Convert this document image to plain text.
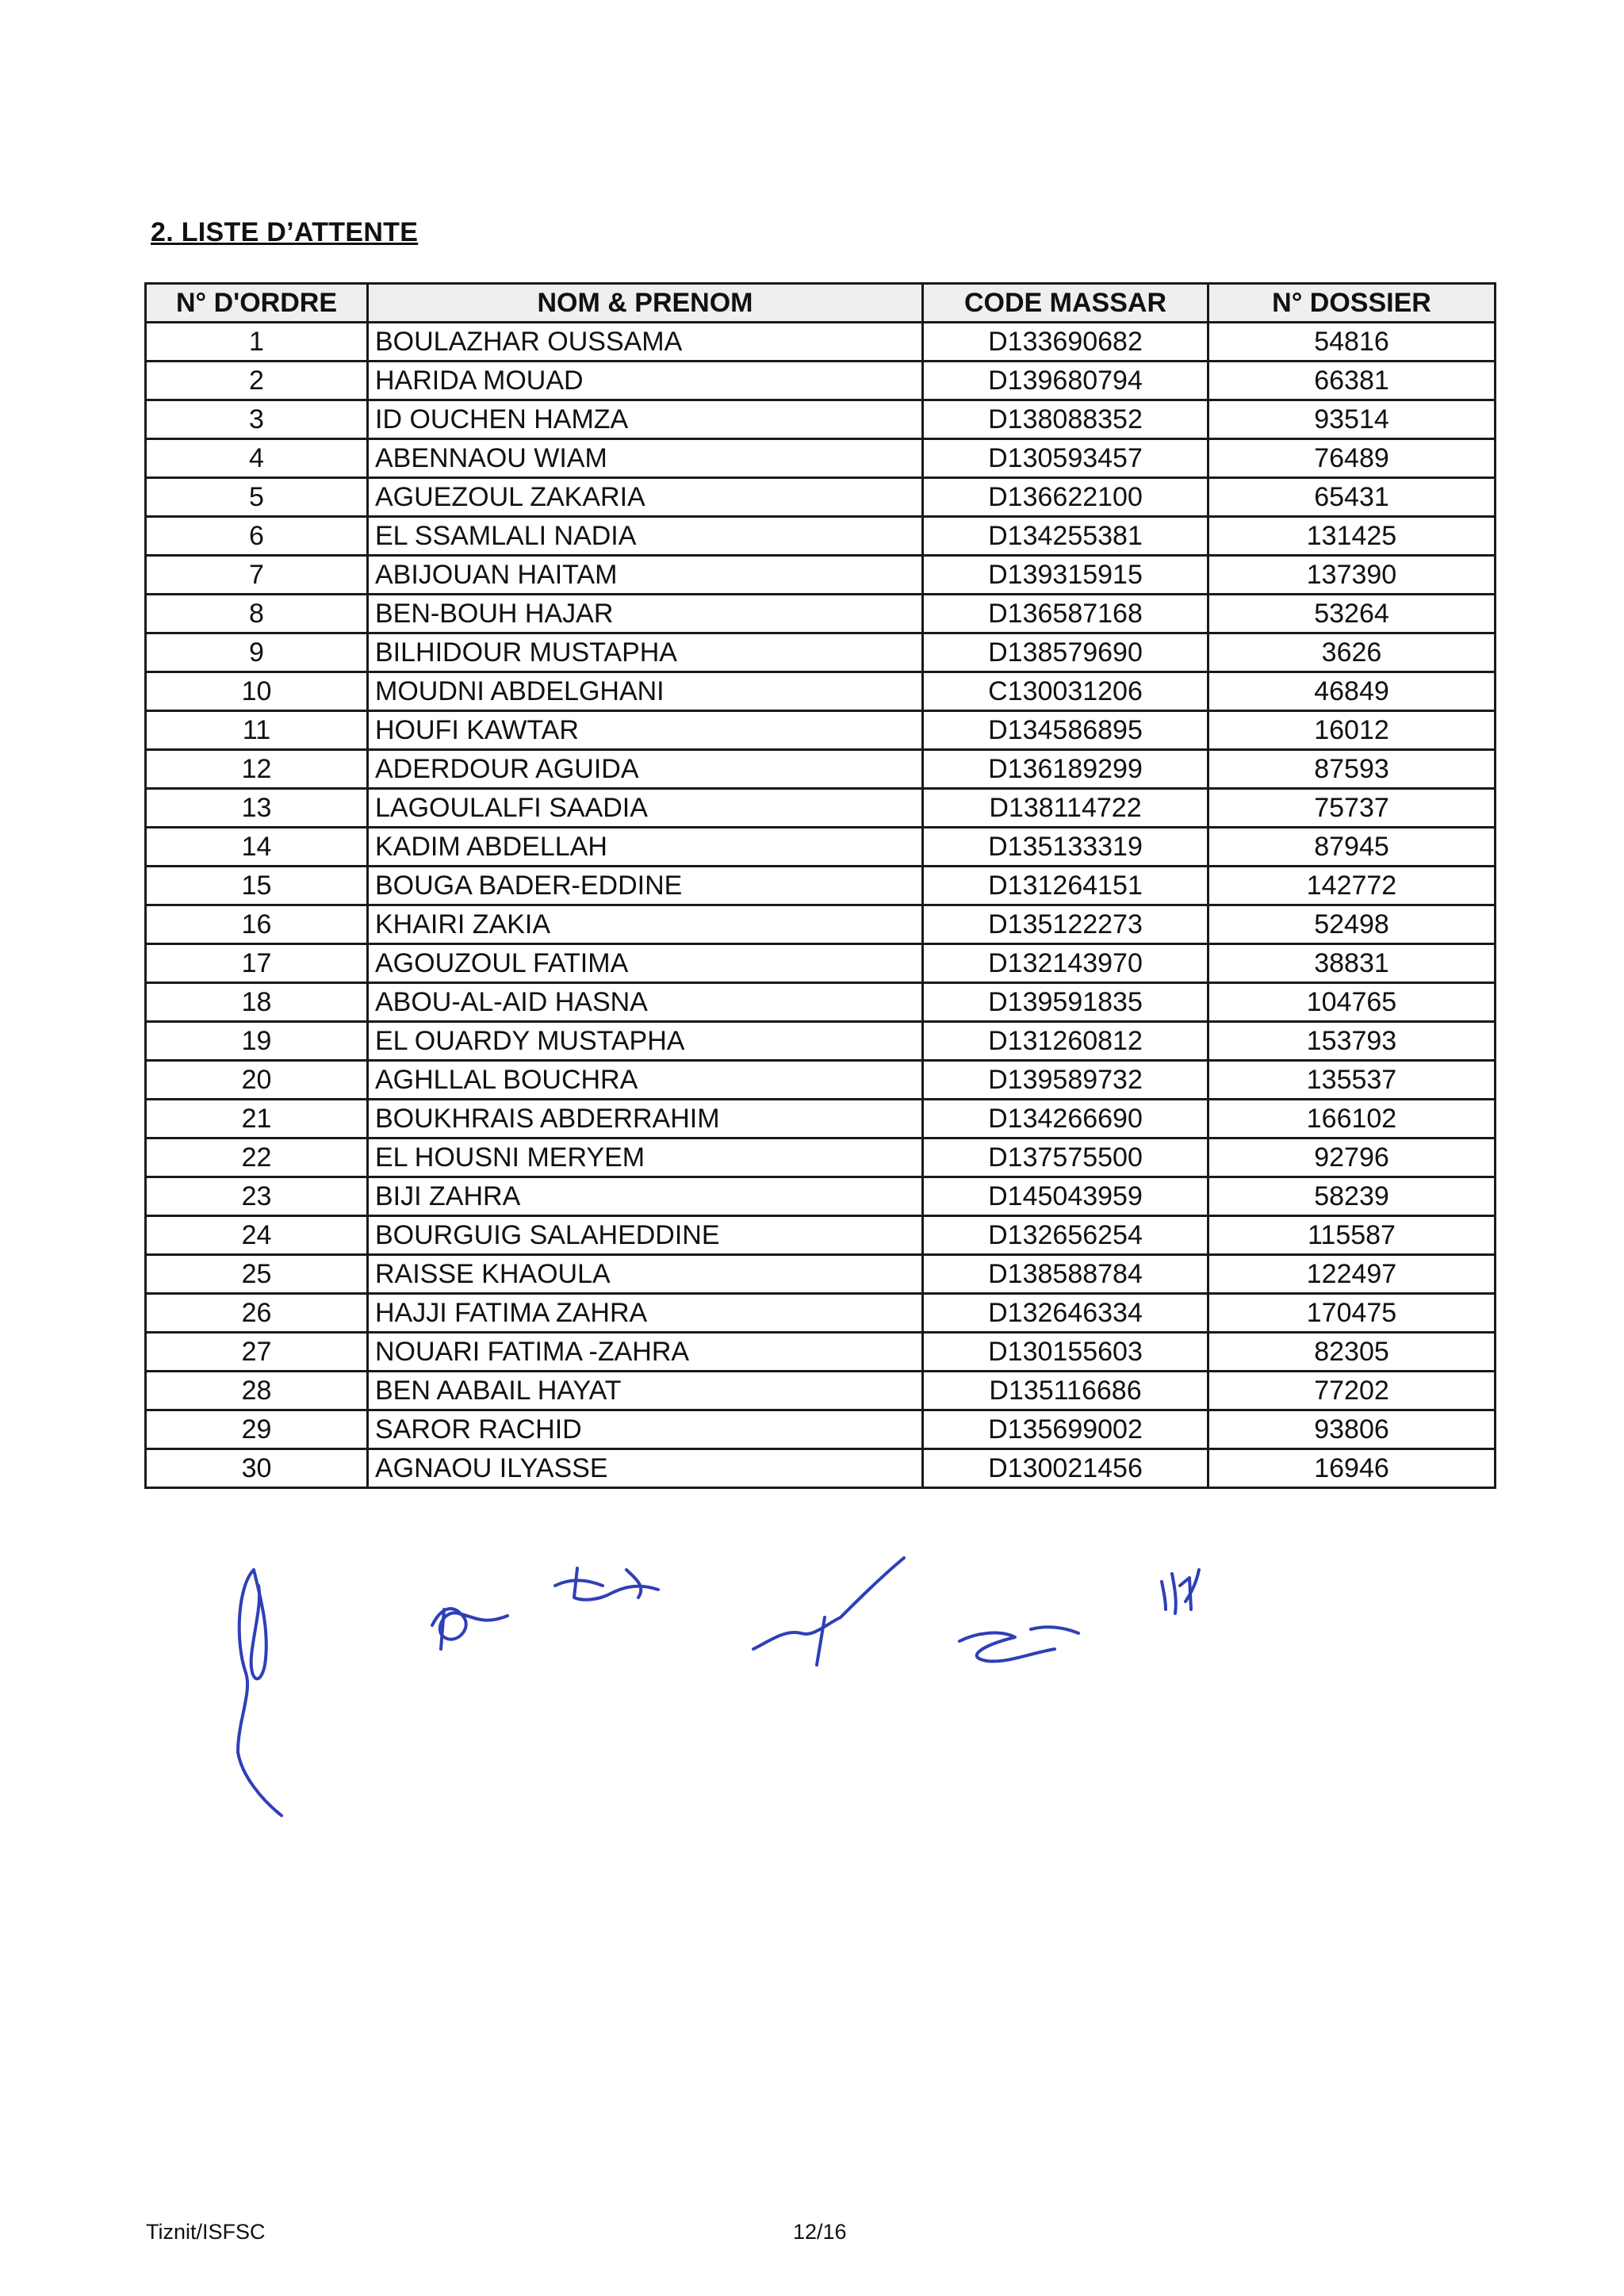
2. LISTE D’ATTENTE
N° D'ORDRE	NOM & PRENOM	CODE MASSAR	N° DOSSIER
1	BOULAZHAR OUSSAMA	D133690682	54816
2	HARIDA MOUAD	D139680794	66381
3	ID OUCHEN HAMZA	D138088352	93514
4	ABENNAOU WIAM	D130593457	76489
5	AGUEZOUL ZAKARIA	D136622100	65431
6	EL SSAMLALI NADIA	D134255381	131425
7	ABIJOUAN HAITAM	D139315915	137390
8	BEN-BOUH HAJAR	D136587168	53264
9	BILHIDOUR MUSTAPHA	D138579690	3626
10	MOUDNI ABDELGHANI	C130031206	46849
11	HOUFI KAWTAR	D134586895	16012
12	ADERDOUR AGUIDA	D136189299	87593
13	LAGOULALFI SAADIA	D138114722	75737
14	KADIM ABDELLAH	D135133319	87945
15	BOUGA BADER-EDDINE	D131264151	142772
16	KHAIRI ZAKIA	D135122273	52498
17	AGOUZOUL FATIMA	D132143970	38831
18	ABOU-AL-AID HASNA	D139591835	104765
19	EL OUARDY MUSTAPHA	D131260812	153793
20	AGHLLAL BOUCHRA	D139589732	135537
21	BOUKHRAIS ABDERRAHIM	D134266690	166102
22	EL HOUSNI MERYEM	D137575500	92796
23	BIJI ZAHRA	D145043959	58239
24	BOURGUIG SALAHEDDINE	D132656254	115587
25	RAISSE KHAOULA	D138588784	122497
26	HAJJI FATIMA ZAHRA	D132646334	170475
27	NOUARI FATIMA -ZAHRA	D130155603	82305
28	BEN AABAIL HAYAT	D135116686	77202
29	SAROR RACHID	D135699002	93806
30	AGNAOU ILYASSE	D130021456	16946
Tiznit/ISFSC	12/16
